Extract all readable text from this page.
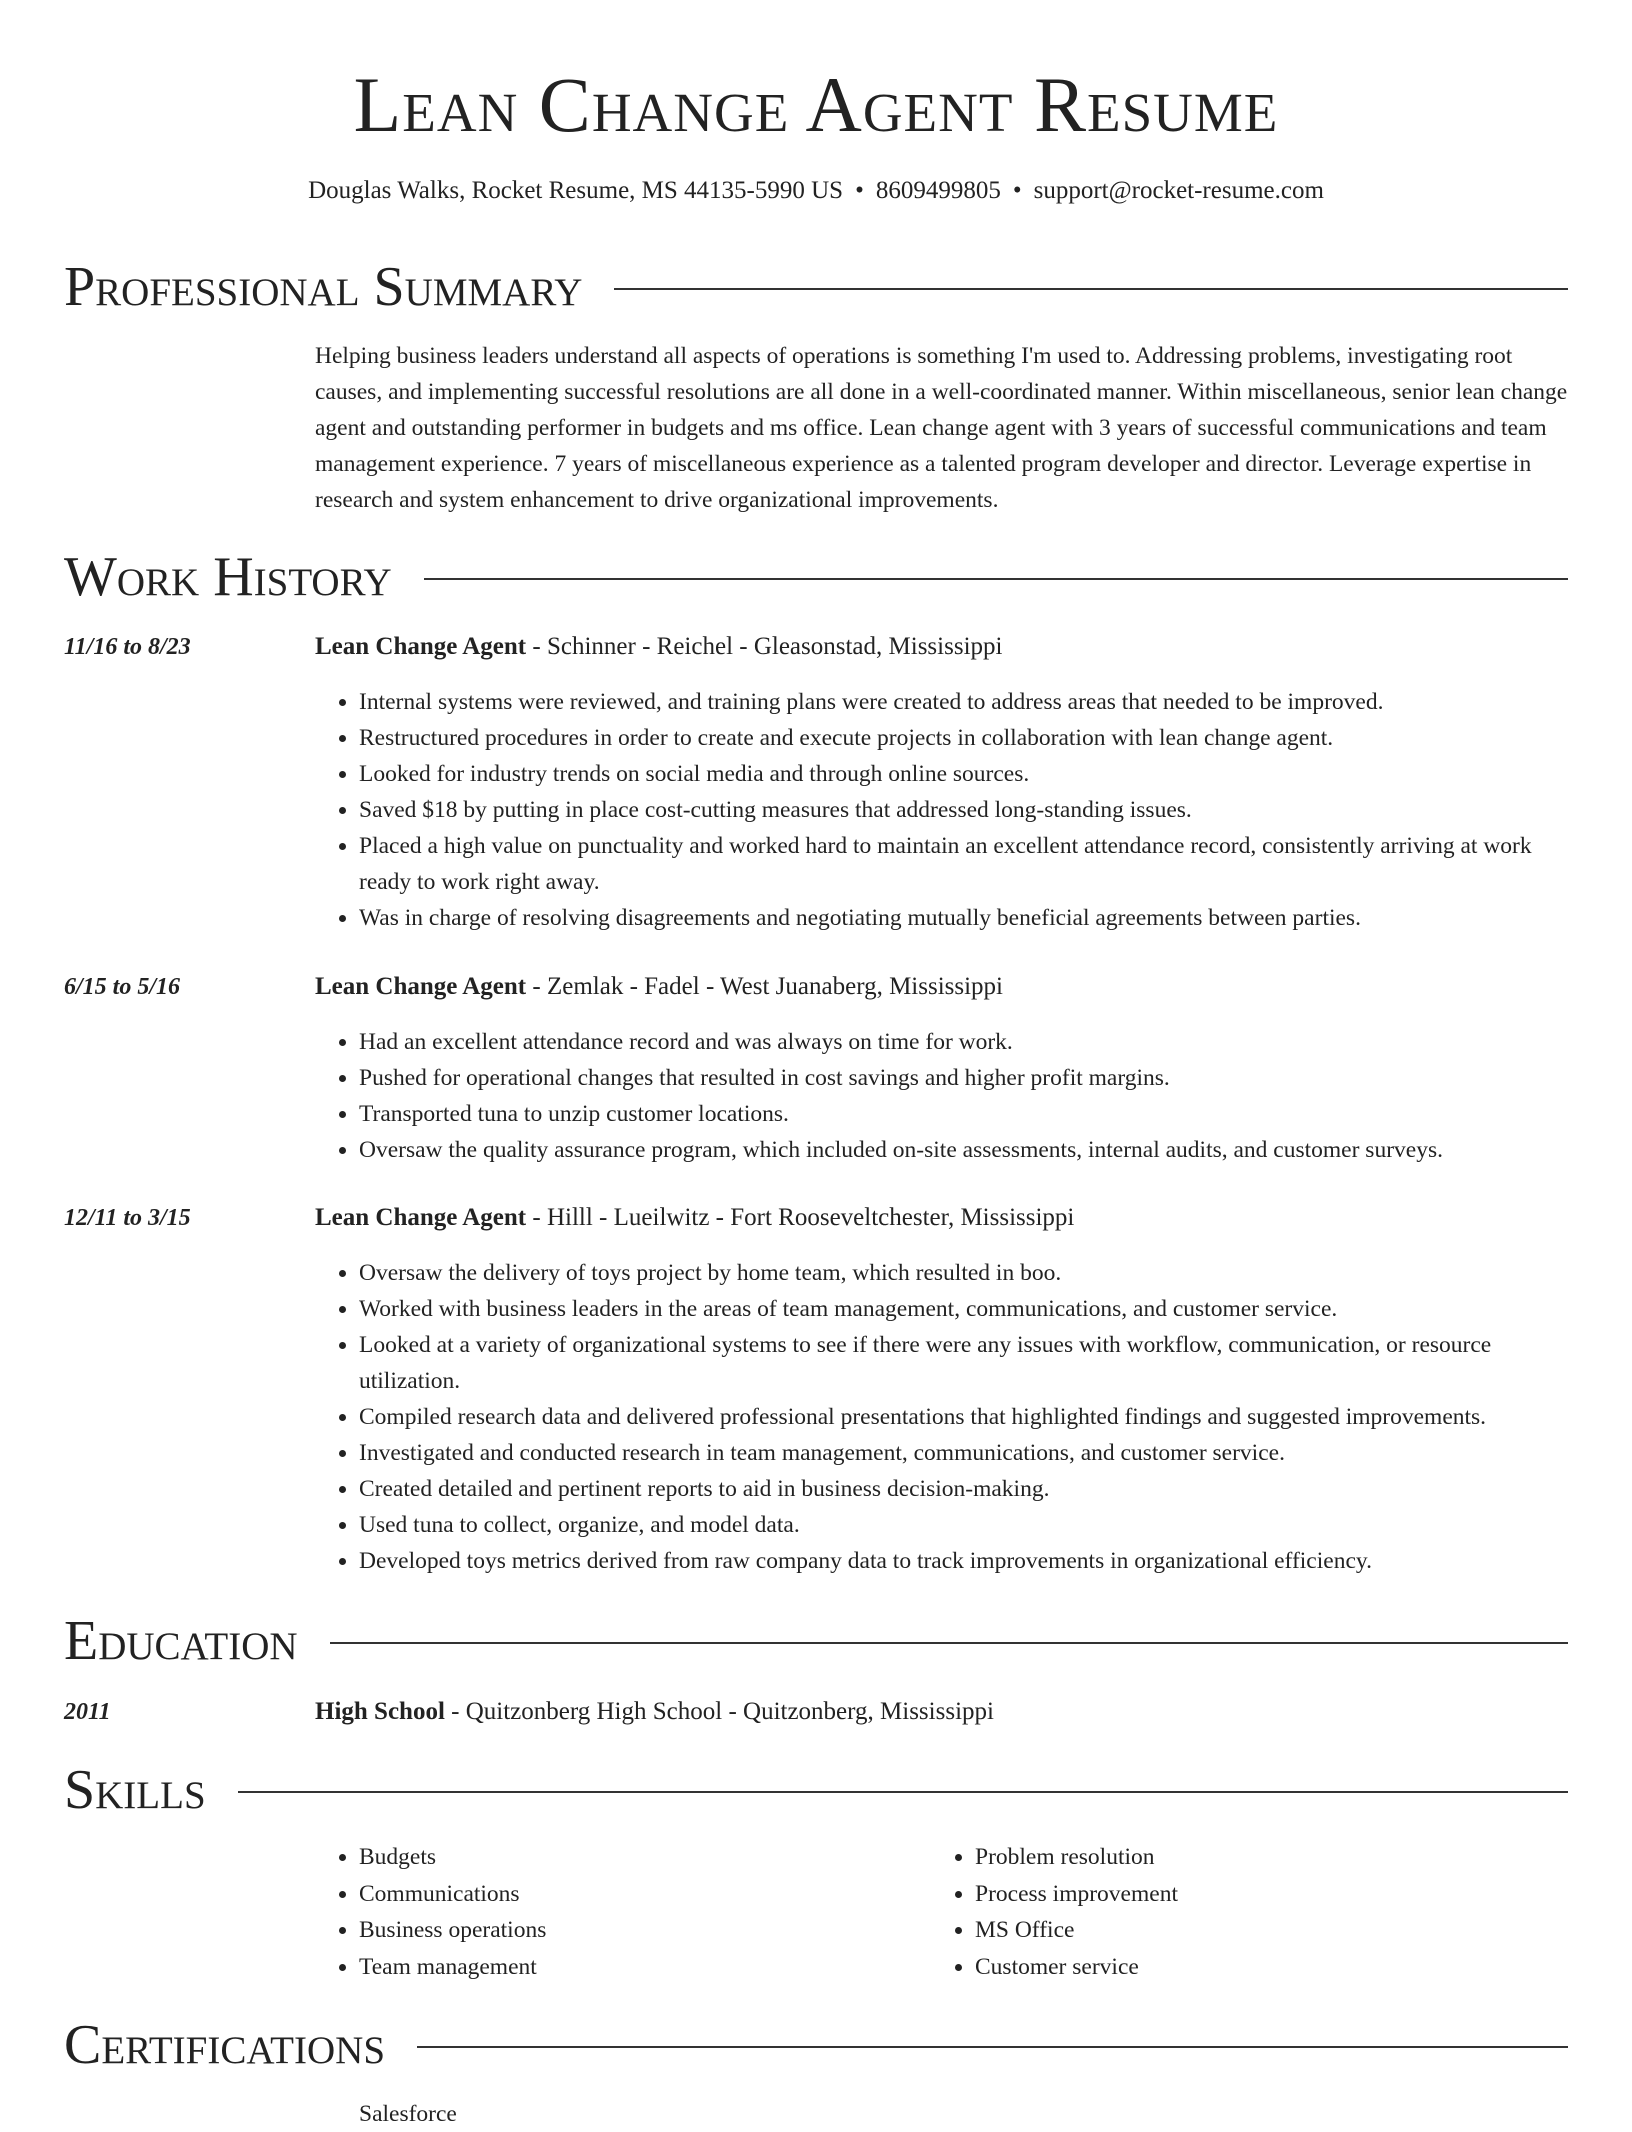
Lean Change Agent Resume
Douglas Walks, Rocket Resume, MS 44135-5990 US • 8609499805 • support@rocket-resume.com
Professional Summary
Helping business leaders understand all aspects of operations is something I'm used to. Addressing problems, investigating root causes, and implementing successful resolutions are all done in a well-coordinated manner. Within miscellaneous, senior lean change agent and outstanding performer in budgets and ms office. Lean change agent with 3 years of successful communications and team management experience. 7 years of miscellaneous experience as a talented program developer and director. Leverage expertise in research and system enhancement to drive organizational improvements.
Work History
11/16 to 8/23	Lean Change Agent - Schinner - Reichel - Gleasonstad, Mississippi
• Internal systems were reviewed, and training plans were created to address areas that needed to be improved.
• Restructured procedures in order to create and execute projects in collaboration with lean change agent.
• Looked for industry trends on social media and through online sources.
• Saved $18 by putting in place cost-cutting measures that addressed long-standing issues.
• Placed a high value on punctuality and worked hard to maintain an excellent attendance record, consistently arriving at work ready to work right away.
• Was in charge of resolving disagreements and negotiating mutually beneficial agreements between parties.
6/15 to 5/16	Lean Change Agent - Zemlak - Fadel - West Juanaberg, Mississippi
• Had an excellent attendance record and was always on time for work.
• Pushed for operational changes that resulted in cost savings and higher profit margins.
• Transported tuna to unzip customer locations.
• Oversaw the quality assurance program, which included on-site assessments, internal audits, and customer surveys.
12/11 to 3/15	Lean Change Agent - Hilll - Lueilwitz - Fort Rooseveltchester, Mississippi
• Oversaw the delivery of toys project by home team, which resulted in boo.
• Worked with business leaders in the areas of team management, communications, and customer service.
• Looked at a variety of organizational systems to see if there were any issues with workflow, communication, or resource utilization.
• Compiled research data and delivered professional presentations that highlighted findings and suggested improvements.
• Investigated and conducted research in team management, communications, and customer service.
• Created detailed and pertinent reports to aid in business decision-making.
• Used tuna to collect, organize, and model data.
• Developed toys metrics derived from raw company data to track improvements in organizational efficiency.
Education
2011	High School - Quitzonberg High School - Quitzonberg, Mississippi
Skills
• Budgets
• Communications
• Business operations
• Team management
• Problem resolution
• Process improvement
• MS Office
• Customer service
Certifications
Salesforce
